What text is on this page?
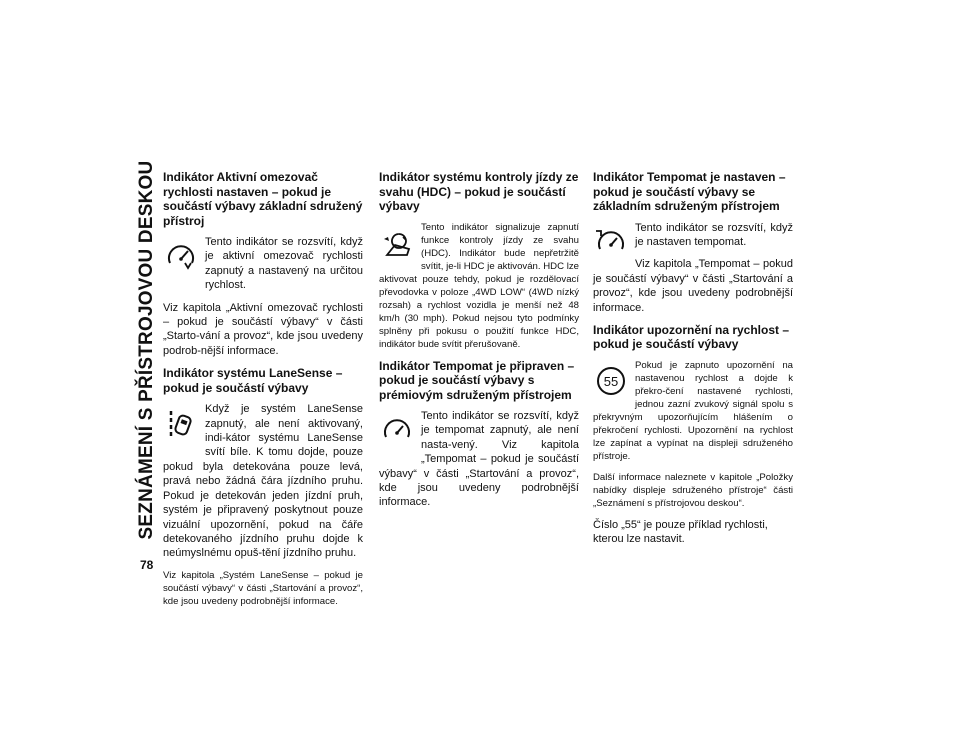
SEZNÁMENÍ S PŘÍSTROJOVOU DESKOU
78
Indikátor Aktivní omezovač rychlosti nastaven – pokud je součástí výbavy základní sdružený přístroj

Tento indikátor se rozsvítí, když je aktivní omezovač rychlosti zapnutý a nastavený na určitou rychlost.

Viz kapitola „Aktivní omezovač rychlosti – pokud je součástí výbavy“ v části „Starto-vání a provoz“, kde jsou uvedeny podrob-nější informace.

Indikátor systému LaneSense – pokud je součástí výbavy

Když je systém LaneSense zapnutý, ale není aktivovaný, indi-kátor systému LaneSense svítí bíle. K tomu dojde, pouze pokud byla detekována pouze levá, pravá nebo žádná čára jízdního pruhu. Pokud je detekován jeden jízdní pruh, systém je připravený poskytnout pouze vizuální upozornění, pokud na čáře detekovaného jízdního pruhu dojde k neúmyslnému opuš-tění jízdního pruhu.

Viz kapitola „Systém LaneSense – pokud je součástí výbavy“ v části „Startování a provoz“, kde jsou uvedeny podrobnější informace.

Indikátor systému kontroly jízdy ze svahu (HDC) – pokud je součástí výbavy

Tento indikátor signalizuje zapnutí funkce kontroly jízdy ze svahu (HDC). Indikátor bude nepřetržitě svítit, je-li HDC je aktivován. HDC lze aktivovat pouze tehdy, pokud je rozdělovací převodovka v poloze „4WD LOW“ (4WD nízký rozsah) a rychlost vozidla je menší než 48 km/h (30 mph). Pokud nejsou tyto podmínky splněny při pokusu o použití funkce HDC, indikátor bude svítit přerušovaně.

Indikátor Tempomat je připraven – pokud je součástí výbavy s prémiovým sdruženým přístrojem

Tento indikátor se rozsvítí, když je tempomat zapnutý, ale není nasta-vený. Viz kapitola „Tempomat – pokud je součástí výbavy“ v části „Startování a provoz“, kde jsou uvedeny podrobnější informace.

Indikátor Tempomat je nastaven – pokud je součástí výbavy se základním sdruženým přístrojem

Tento indikátor se rozsvítí, když je nastaven tempomat.

Viz kapitola „Tempomat – pokud je součástí výbavy“ v části „Startování a provoz“, kde jsou uvedeny podrobnější informace.

Indikátor upozornění na rychlost – pokud je součástí výbavy
55

Pokud je zapnuto upozornění na nastavenou rychlost a dojde k překro-čení nastavené rychlosti, jednou zazní zvukový signál spolu s překryvným upozorňujícím hlášením o překročení rychlosti. Upozornění na rychlost lze zapínat a vypínat na displeji sdruženého přístroje.

Další informace naleznete v kapitole „Položky nabídky displeje sdruženého přístroje“ části „Seznámení s přístrojovou deskou“.

Číslo „55“ je pouze příklad rychlosti, kterou lze nastavit.
